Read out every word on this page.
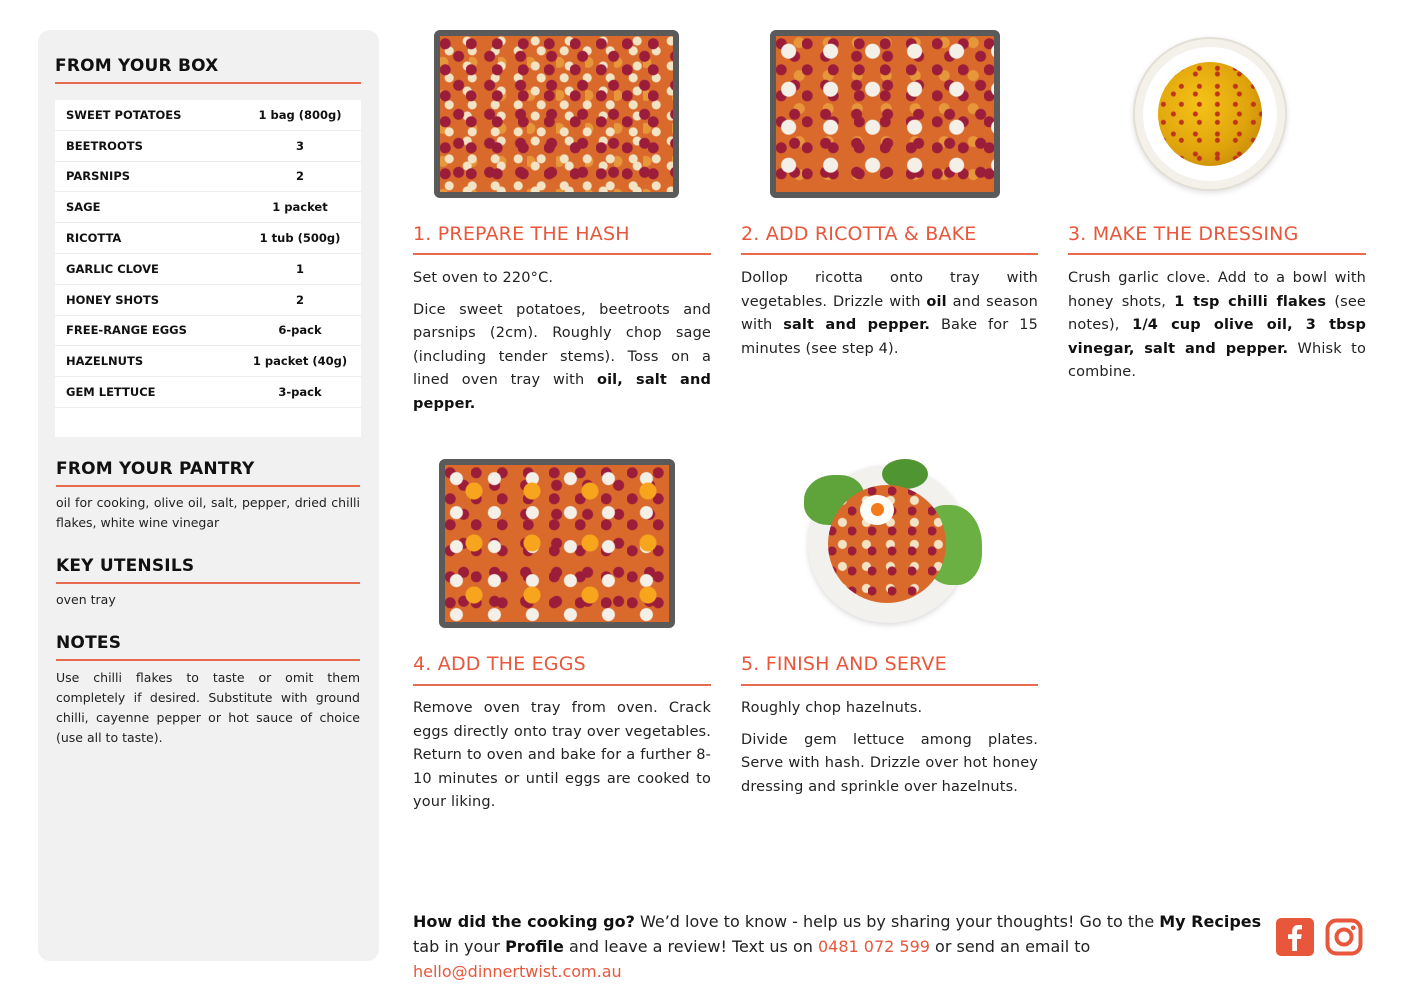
FROM YOUR BOX
SWEET POTATOES	1 bag (800g)
BEETROOTS	3
PARSNIPS	2
SAGE	1 packet
RICOTTA	1 tub (500g)
GARLIC CLOVE	1
HONEY SHOTS	2
FREE-RANGE EGGS	6-pack
HAZELNUTS	1 packet (40g)
GEM LETTUCE	3-pack
FROM YOUR PANTRY
oil for cooking, olive oil, salt, pepper, dried chilli flakes, white wine vinegar
KEY UTENSILS
oven tray
NOTES
Use chilli flakes to taste or omit them completely if desired. Substitute with ground chilli, cayenne pepper or hot sauce of choice (use all to taste).
1. PREPARE THE HASH

Set oven to 220°C.

Dice sweet potatoes, beetroots and parsnips (2cm). Roughly chop sage (including tender stems). Toss on a lined oven tray with oil, salt and pepper.

2. ADD RICOTTA & BAKE

Dollop ricotta onto tray with vegetables. Drizzle with oil and season with salt and pepper. Bake for 15 minutes (see step 4).

3. MAKE THE DRESSING

Crush garlic clove. Add to a bowl with honey shots, 1 tsp chilli flakes (see notes), 1/4 cup olive oil, 3 tbsp vinegar, salt and pepper. Whisk to combine.

4. ADD THE EGGS

Remove oven tray from oven. Crack eggs directly onto tray over vegetables. Return to oven and bake for a further 8-10 minutes or until eggs are cooked to your liking.

5. FINISH AND SERVE

Roughly chop hazelnuts.

Divide gem lettuce among plates. Serve with hash. Drizzle over hot honey dressing and sprinkle over hazelnuts.

How did the cooking go? We’d love to know - help us by sharing your thoughts! Go to the My Recipes tab in your Profile and leave a review! Text us on 0481 072 599 or send an email to hello@dinnertwist.com.au
